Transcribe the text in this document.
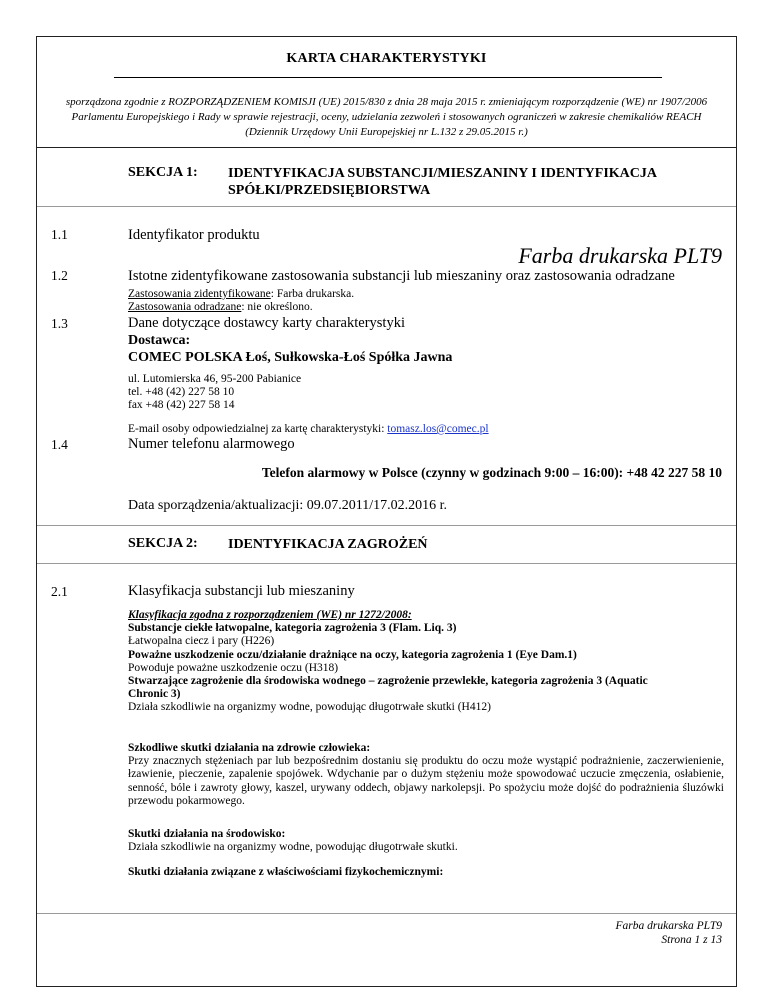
KARTA CHARAKTERYSTYKI
sporządzona zgodnie z ROZPORZĄDZENIEM KOMISJI (UE) 2015/830 z dnia 28 maja 2015 r. zmieniającym rozporządzenie (WE) nr 1907/2006 Parlamentu Europejskiego i Rady w sprawie rejestracji, oceny, udzielania zezwoleń i stosowanych ograniczeń w zakresie chemikaliów REACH (Dziennik Urzędowy Unii Europejskiej nr L.132 z 29.05.2015 r.)
SEKCJA 1: IDENTYFIKACJA SUBSTANCJI/MIESZANINY I IDENTYFIKACJA
SPÓŁKI/PRZEDSIĘBIORSTWA
1.1	Identyfikator produktu
Farba drukarska PLT9
1.2	Istotne zidentyfikowane zastosowania substancji lub mieszaniny oraz zastosowania odradzane
Zastosowania zidentyfikowane: Farba drukarska.
Zastosowania odradzane: nie określono.
1.3	Dane dotyczące dostawcy karty charakterystyki
Dostawca:
COMEC POLSKA Łoś, Sułkowska-Łoś Spółka Jawna
ul. Lutomierska 46, 95-200 Pabianice
tel. +48 (42) 227 58 10
fax +48 (42) 227 58 14
E-mail osoby odpowiedzialnej za kartę charakterystyki: tomasz.los@comec.pl
1.4	Numer telefonu alarmowego
Telefon alarmowy w Polsce (czynny w godzinach 9:00 – 16:00): +48 42 227 58 10
Data sporządzenia/aktualizacji: 09.07.2011/17.02.2016 r.
SEKCJA 2: IDENTYFIKACJA ZAGROŻEŃ
2.1	Klasyfikacja substancji lub mieszaniny
Klasyfikacja zgodna z rozporządzeniem (WE) nr 1272/2008:
Substancje ciekłe łatwopalne, kategoria zagrożenia 3 (Flam. Liq. 3)
Łatwopalna ciecz i pary (H226)
Poważne uszkodzenie oczu/działanie drażniące na oczy, kategoria zagrożenia 1 (Eye Dam.1)
Powoduje poważne uszkodzenie oczu (H318)
Stwarzające zagrożenie dla środowiska wodnego – zagrożenie przewlekłe, kategoria zagrożenia 3 (Aquatic
Chronic 3)
Działa szkodliwie na organizmy wodne, powodując długotrwałe skutki (H412)
Szkodliwe skutki działania na zdrowie człowieka:
Przy znacznych stężeniach par lub bezpośrednim dostaniu się produktu do oczu może wystąpić podrażnienie, zaczerwienienie, łzawienie, pieczenie, zapalenie spojówek. Wdychanie par o dużym stężeniu może spowodować uczucie zmęczenia, osłabienie, senność, bóle i zawroty głowy, kaszel, urywany oddech, objawy narkolepsji. Po spożyciu może dojść do podrażnienia śluzówki przewodu pokarmowego.
Skutki działania na środowisko:
Działa szkodliwie na organizmy wodne, powodując długotrwałe skutki.
Skutki działania związane z właściwościami fizykochemicznymi:
Farba drukarska PLT9
Strona 1 z 13
